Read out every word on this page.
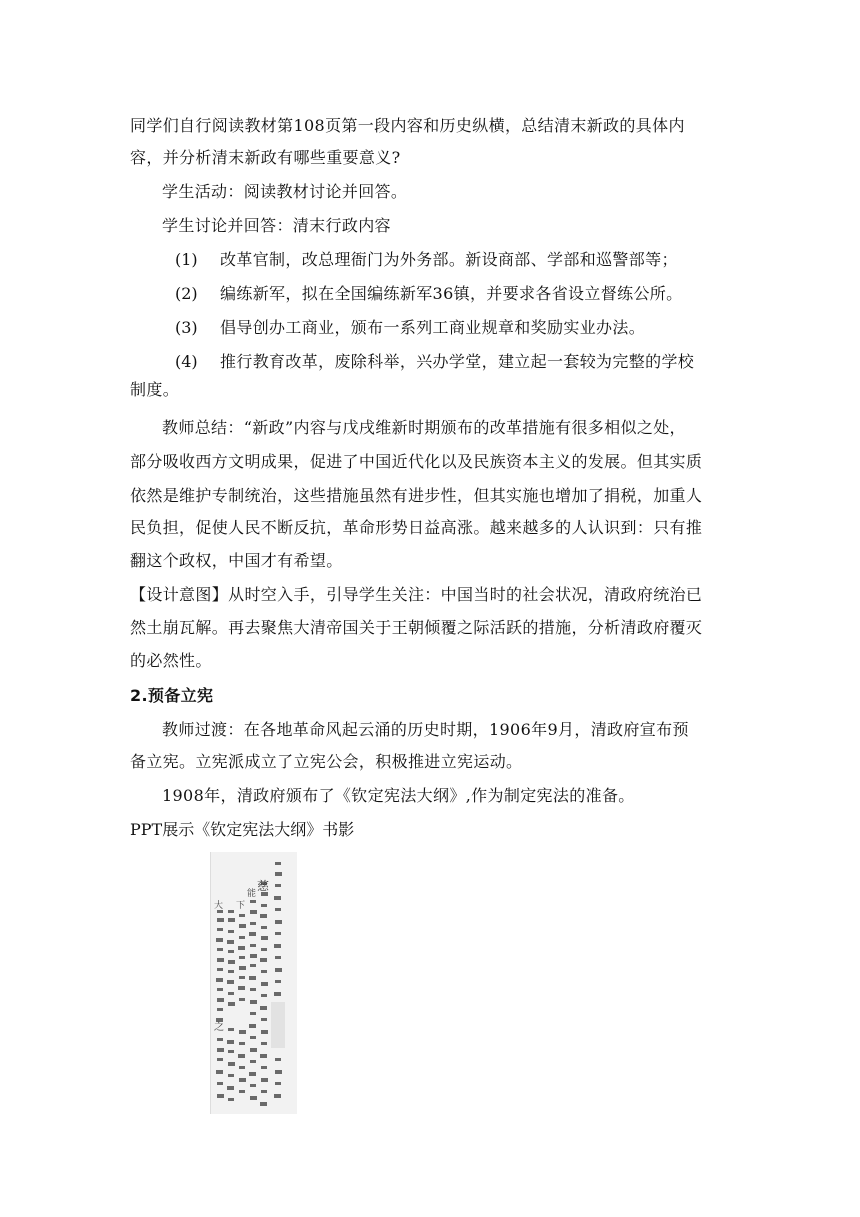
同学们自行阅读教材第108页第一段内容和历史纵横，总结清末新政的具体内
容，并分析清末新政有哪些重要意义?
学生活动：阅读教材讨论并回答。
学生讨论并回答：清末行政内容
(1) 改革官制，改总理衙门为外务部。新设商部、学部和巡警部等；
(2) 编练新军，拟在全国编练新军36镇，并要求各省设立督练公所。
(3) 倡导创办工商业，颁布一系列工商业规章和奖励实业办法。
(4) 推行教育改革，废除科举，兴办学堂，建立起一套较为完整的学校
制度。
教师总结：“新政”内容与戊戌维新时期颁布的改革措施有很多相似之处，
部分吸收西方文明成果，促进了中国近代化以及民族资本主义的发展。但其实质
依然是维护专制统治，这些措施虽然有进步性，但其实施也增加了捐税，加重人
民负担，促使人民不断反抗，革命形势日益高涨。越来越多的人认识到：只有推
翻这个政权，中国才有希望。
【设计意图】从时空入手，引导学生关注：中国当时的社会状况，清政府统治已
然土崩瓦解。再去聚焦大清帝国关于王朝倾覆之际活跃的措施，分析清政府覆灭
的必然性。
2.预备立宪
教师过渡：在各地革命风起云涌的历史时期，1906年9月，清政府宣布预
备立宪。立宪派成立了立宪公会，积极推进立宪运动。
1908年，清政府颁布了《钦定宪法大纲》,作为制定宪法的准备。
PPT展示《钦定宪法大纲》书影
慈
大 下
能
之
